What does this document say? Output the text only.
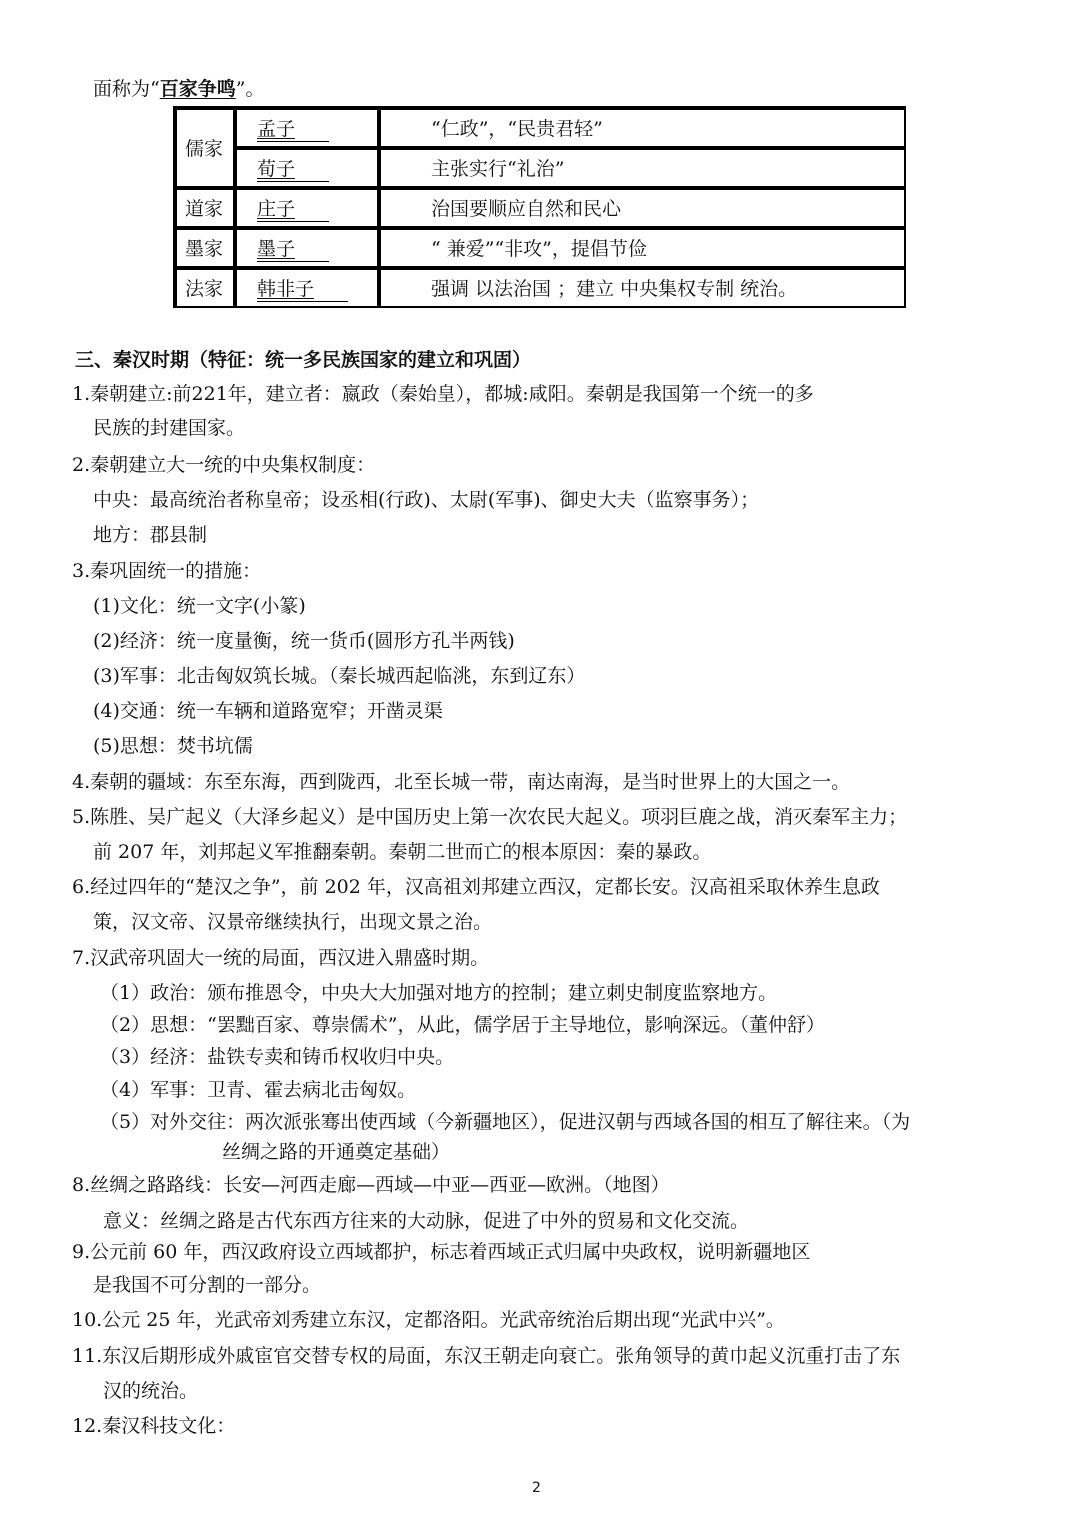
面称为“百家争鸣”。
儒家	孟子	“仁政”，“民贵君轻”
	荀子	主张实行“礼治”
道家	庄子	治国要顺应自然和民心
墨家	墨子	“ 兼爱”“非攻”，提倡节俭
法家	韩非子	强调 以法治国 ；建立 中央集权专制 统治。
三、秦汉时期（特征：统一多民族国家的建立和巩固）
1.秦朝建立:前221年，建立者：嬴政（秦始皇），都城:咸阳。秦朝是我国第一个统一的多
民族的封建国家。
2.秦朝建立大一统的中央集权制度：
中央：最高统治者称皇帝；设丞相(行政)、太尉(军事)、御史大夫（监察事务）；
地方：郡县制
3.秦巩固统一的措施：
(1)文化：统一文字(小篆)
(2)经济：统一度量衡，统一货币(圆形方孔半两钱)
(3)军事：北击匈奴筑长城。（秦长城西起临洮，东到辽东）
(4)交通：统一车辆和道路宽窄；开凿灵渠
(5)思想：焚书坑儒
4.秦朝的疆域：东至东海，西到陇西，北至长城一带，南达南海，是当时世界上的大国之一。
5.陈胜、吴广起义（大泽乡起义）是中国历史上第一次农民大起义。项羽巨鹿之战，消灭秦军主力；
前 207 年，刘邦起义军推翻秦朝。秦朝二世而亡的根本原因：秦的暴政。
6.经过四年的“楚汉之争”，前 202 年，汉高祖刘邦建立西汉，定都长安。汉高祖采取休养生息政
策，汉文帝、汉景帝继续执行，出现文景之治。
7.汉武帝巩固大一统的局面，西汉进入鼎盛时期。
（1）政治：颁布推恩令，中央大大加强对地方的控制；建立刺史制度监察地方。
（2）思想：“罢黜百家、尊崇儒术”，从此，儒学居于主导地位，影响深远。（董仲舒）
（3）经济：盐铁专卖和铸币权收归中央。
（4）军事：卫青、霍去病北击匈奴。
（5）对外交往：两次派张骞出使西域（今新疆地区），促进汉朝与西域各国的相互了解往来。（为
丝绸之路的开通奠定基础）
8.丝绸之路路线：长安—河西走廊—西域—中亚—西亚—欧洲。（地图）
意义：丝绸之路是古代东西方往来的大动脉，促进了中外的贸易和文化交流。
9.公元前 60 年，西汉政府设立西域都护，标志着西域正式归属中央政权，说明新疆地区
是我国不可分割的一部分。
10.公元 25 年，光武帝刘秀建立东汉，定都洛阳。光武帝统治后期出现“光武中兴”。
11.东汉后期形成外戚宦官交替专权的局面，东汉王朝走向衰亡。张角领导的黄巾起义沉重打击了东
汉的统治。
12.秦汉科技文化：
2
